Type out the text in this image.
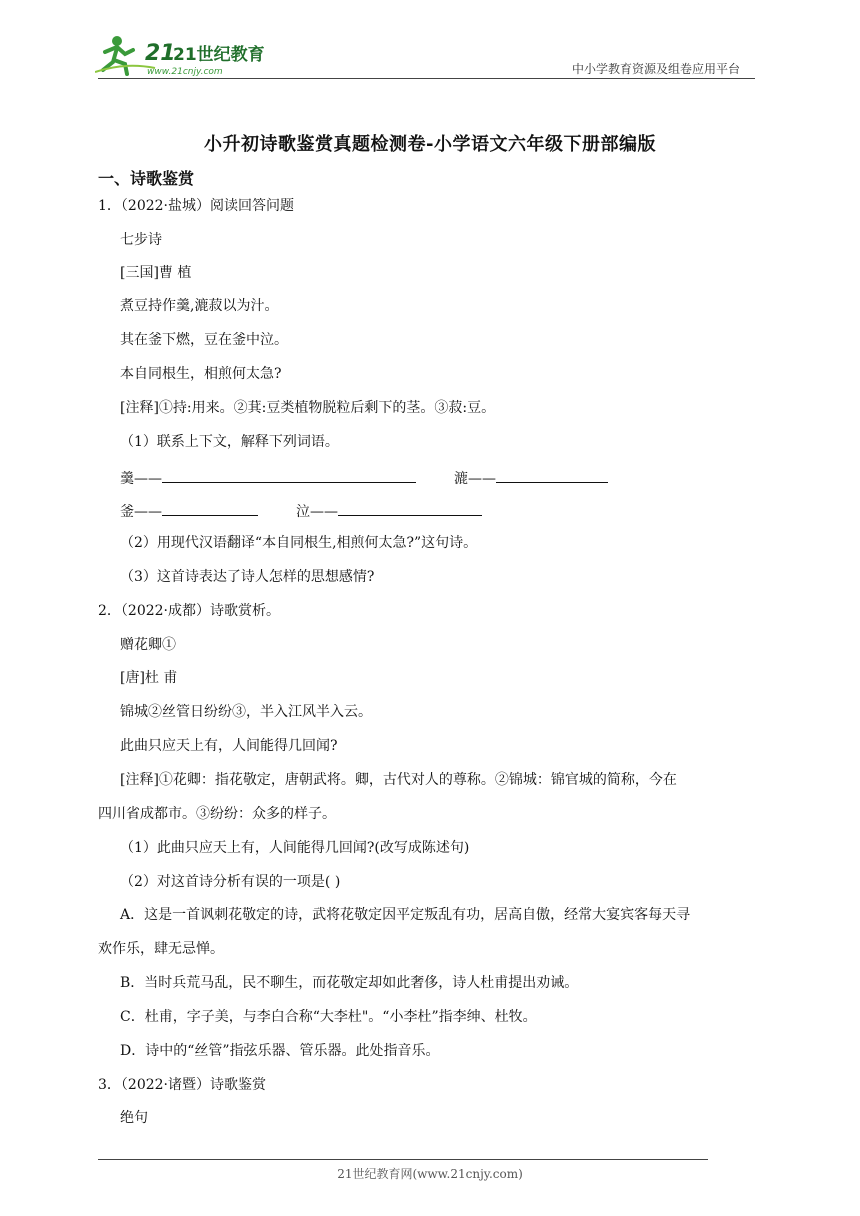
21
21世纪教育
www.21cnjy.com	中小学教育资源及组卷应用平台
小升初诗歌鉴赏真题检测卷-小学语文六年级下册部编版
一、诗歌鉴赏
1．（2022·盐城）阅读回答问题
七步诗
[三国]曹 植
煮豆持作羹,漉菽以为汁。
其在釜下燃，豆在釜中泣。
本自同根生，相煎何太急?
[注释]①持:用来。②萁:豆类植物脱粒后剩下的茎。③菽:豆。
（1）联系上下文，解释下列词语。
羹——	漉——
釜——	泣——
（2）用现代汉语翻译“本自同根生,相煎何太急?”这句诗。
（3）这首诗表达了诗人怎样的思想感情?
2．（2022·成都）诗歌赏析。
赠花卿①
[唐]杜 甫
锦城②丝管日纷纷③，半入江风半入云。
此曲只应天上有，人间能得几回闻?
[注释]①花卿：指花敬定，唐朝武将。卿，古代对人的尊称。②锦城：锦官城的简称，今在
四川省成都市。③纷纷：众多的样子。
（1）此曲只应天上有，人间能得几回闻?(改写成陈述句)
（2）对这首诗分析有误的一项是( )
A．这是一首讽刺花敬定的诗，武将花敬定因平定叛乱有功，居高自傲，经常大宴宾客每天寻
欢作乐，肆无忌惮。
B．当时兵荒马乱，民不聊生，而花敬定却如此奢侈，诗人杜甫提出劝诫。
C．杜甫，字子美，与李白合称“大李杜"。“小李杜”指李绅、杜牧。
D．诗中的“丝管”指弦乐器、管乐器。此处指音乐。
3．（2022·诸暨）诗歌鉴赏
绝句
21世纪教育网(www.21cnjy.com)
